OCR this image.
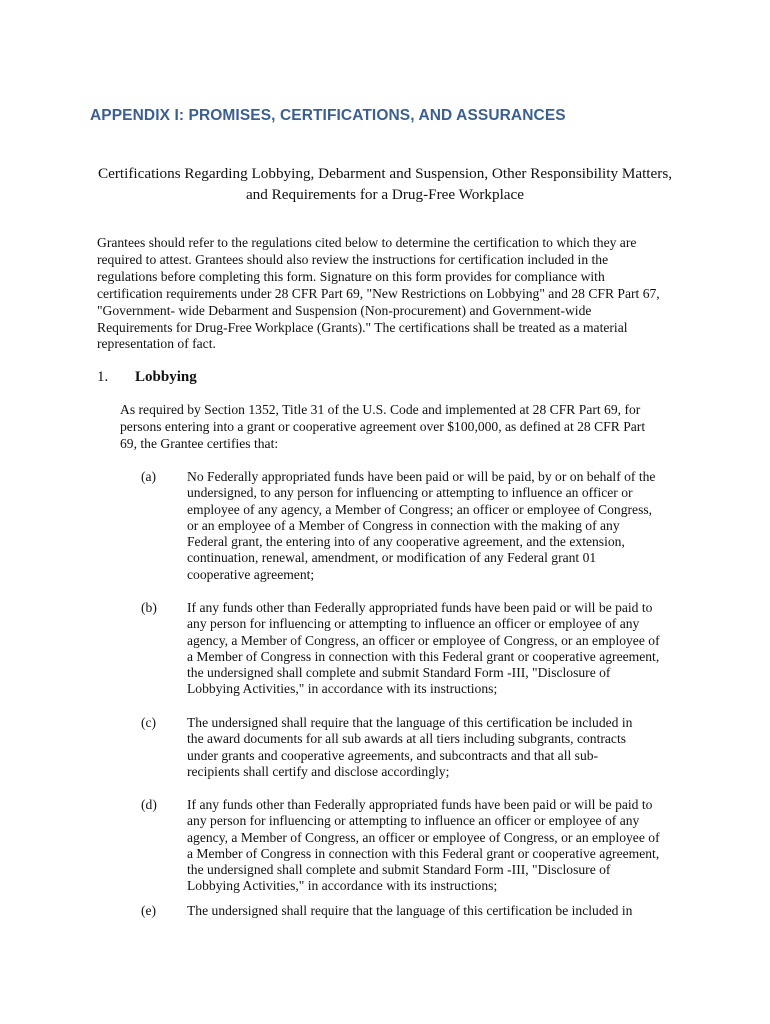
APPENDIX I: PROMISES, CERTIFICATIONS, AND ASSURANCES
Certifications Regarding Lobbying, Debarment and Suspension, Other Responsibility Matters,
and Requirements for a Drug-Free Workplace
Grantees should refer to the regulations cited below to determine the certification to which they are
required to attest. Grantees should also review the instructions for certification included in the
regulations before completing this form. Signature on this form provides for compliance with
certification requirements under 28 CFR Part 69, "New Restrictions on Lobbying" and 28 CFR Part 67,
"Government- wide Debarment and Suspension (Non-procurement) and Government-wide
Requirements for Drug-Free Workplace (Grants)." The certifications shall be treated as a material
representation of fact.
1. Lobbying
As required by Section 1352, Title 31 of the U.S. Code and implemented at 28 CFR Part 69, for
persons entering into a grant or cooperative agreement over $100,000, as defined at 28 CFR Part
69, the Grantee certifies that:
(a) No Federally appropriated funds have been paid or will be paid, by or on behalf of the
undersigned, to any person for influencing or attempting to influence an officer or
employee of any agency, a Member of Congress; an officer or employee of Congress,
or an employee of a Member of Congress in connection with the making of any
Federal grant, the entering into of any cooperative agreement, and the extension,
continuation, renewal, amendment, or modification of any Federal grant 01
cooperative agreement;
(b) If any funds other than Federally appropriated funds have been paid or will be paid to
any person for influencing or attempting to influence an officer or employee of any
agency, a Member of Congress, an officer or employee of Congress, or an employee of
a Member of Congress in connection with this Federal grant or cooperative agreement,
the undersigned shall complete and submit Standard Form -III, "Disclosure of
Lobbying Activities," in accordance with its instructions;
(c) The undersigned shall require that the language of this certification be included in
the award documents for all sub awards at all tiers including subgrants, contracts
under grants and cooperative agreements, and subcontracts and that all sub-
recipients shall certify and disclose accordingly;
(d) If any funds other than Federally appropriated funds have been paid or will be paid to
any person for influencing or attempting to influence an officer or employee of any
agency, a Member of Congress, an officer or employee of Congress, or an employee of
a Member of Congress in connection with this Federal grant or cooperative agreement,
the undersigned shall complete and submit Standard Form -III, "Disclosure of
Lobbying Activities," in accordance with its instructions;
(e) The undersigned shall require that the language of this certification be included in
